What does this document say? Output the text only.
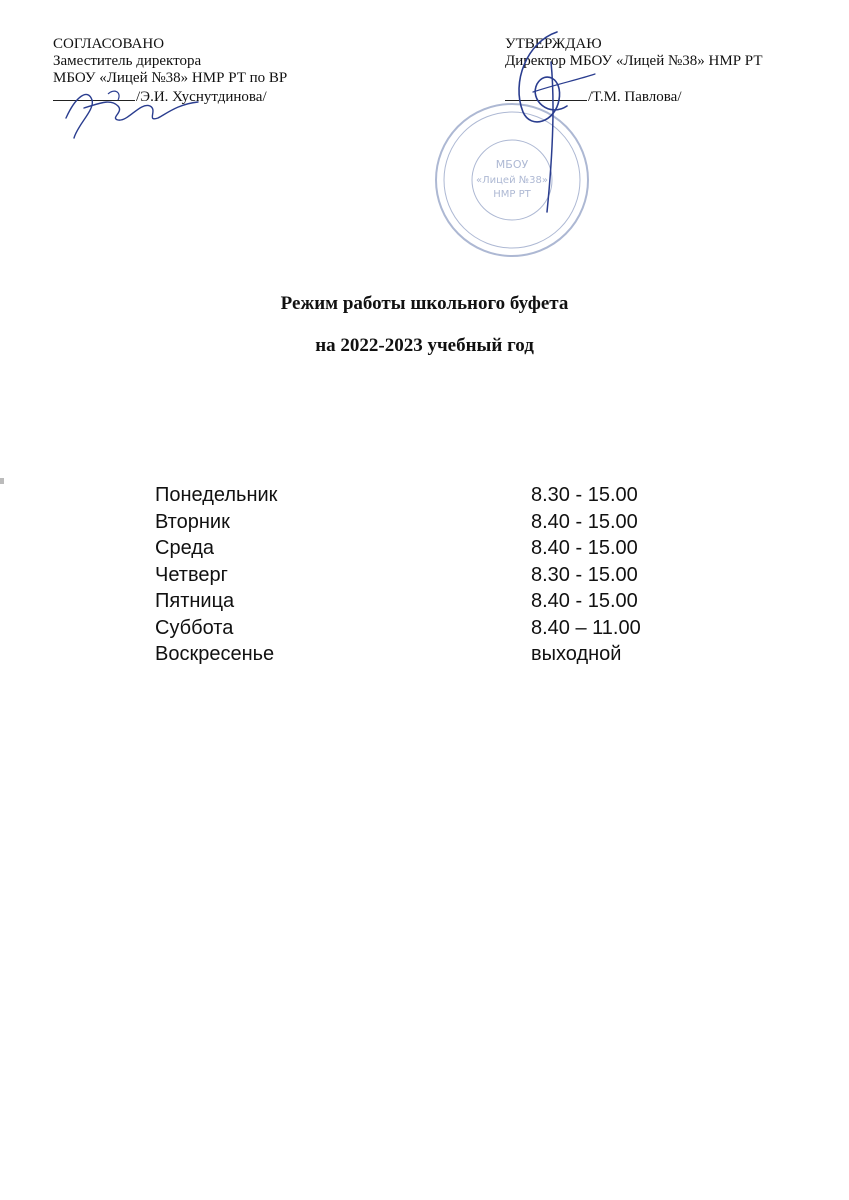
СОГЛАСОВАНО
Заместитель директора
МБОУ «Лицей №38» НМР РТ по ВР
/Э.И. Хуснутдинова/
УТВЕРЖДАЮ
Директор МБОУ «Лицей №38» НМР РТ
/Т.М. Павлова/
МБОУ
«Лицей №38»
НМР РТ
Режим работы школьного буфета
на 2022-2023 учебный год
Понедельник	8.30 - 15.00
Вторник	8.40 - 15.00
Среда	8.40 - 15.00
Четверг	8.30 - 15.00
Пятница	8.40 - 15.00
Суббота	8.40 – 11.00
Воскресенье	выходной
